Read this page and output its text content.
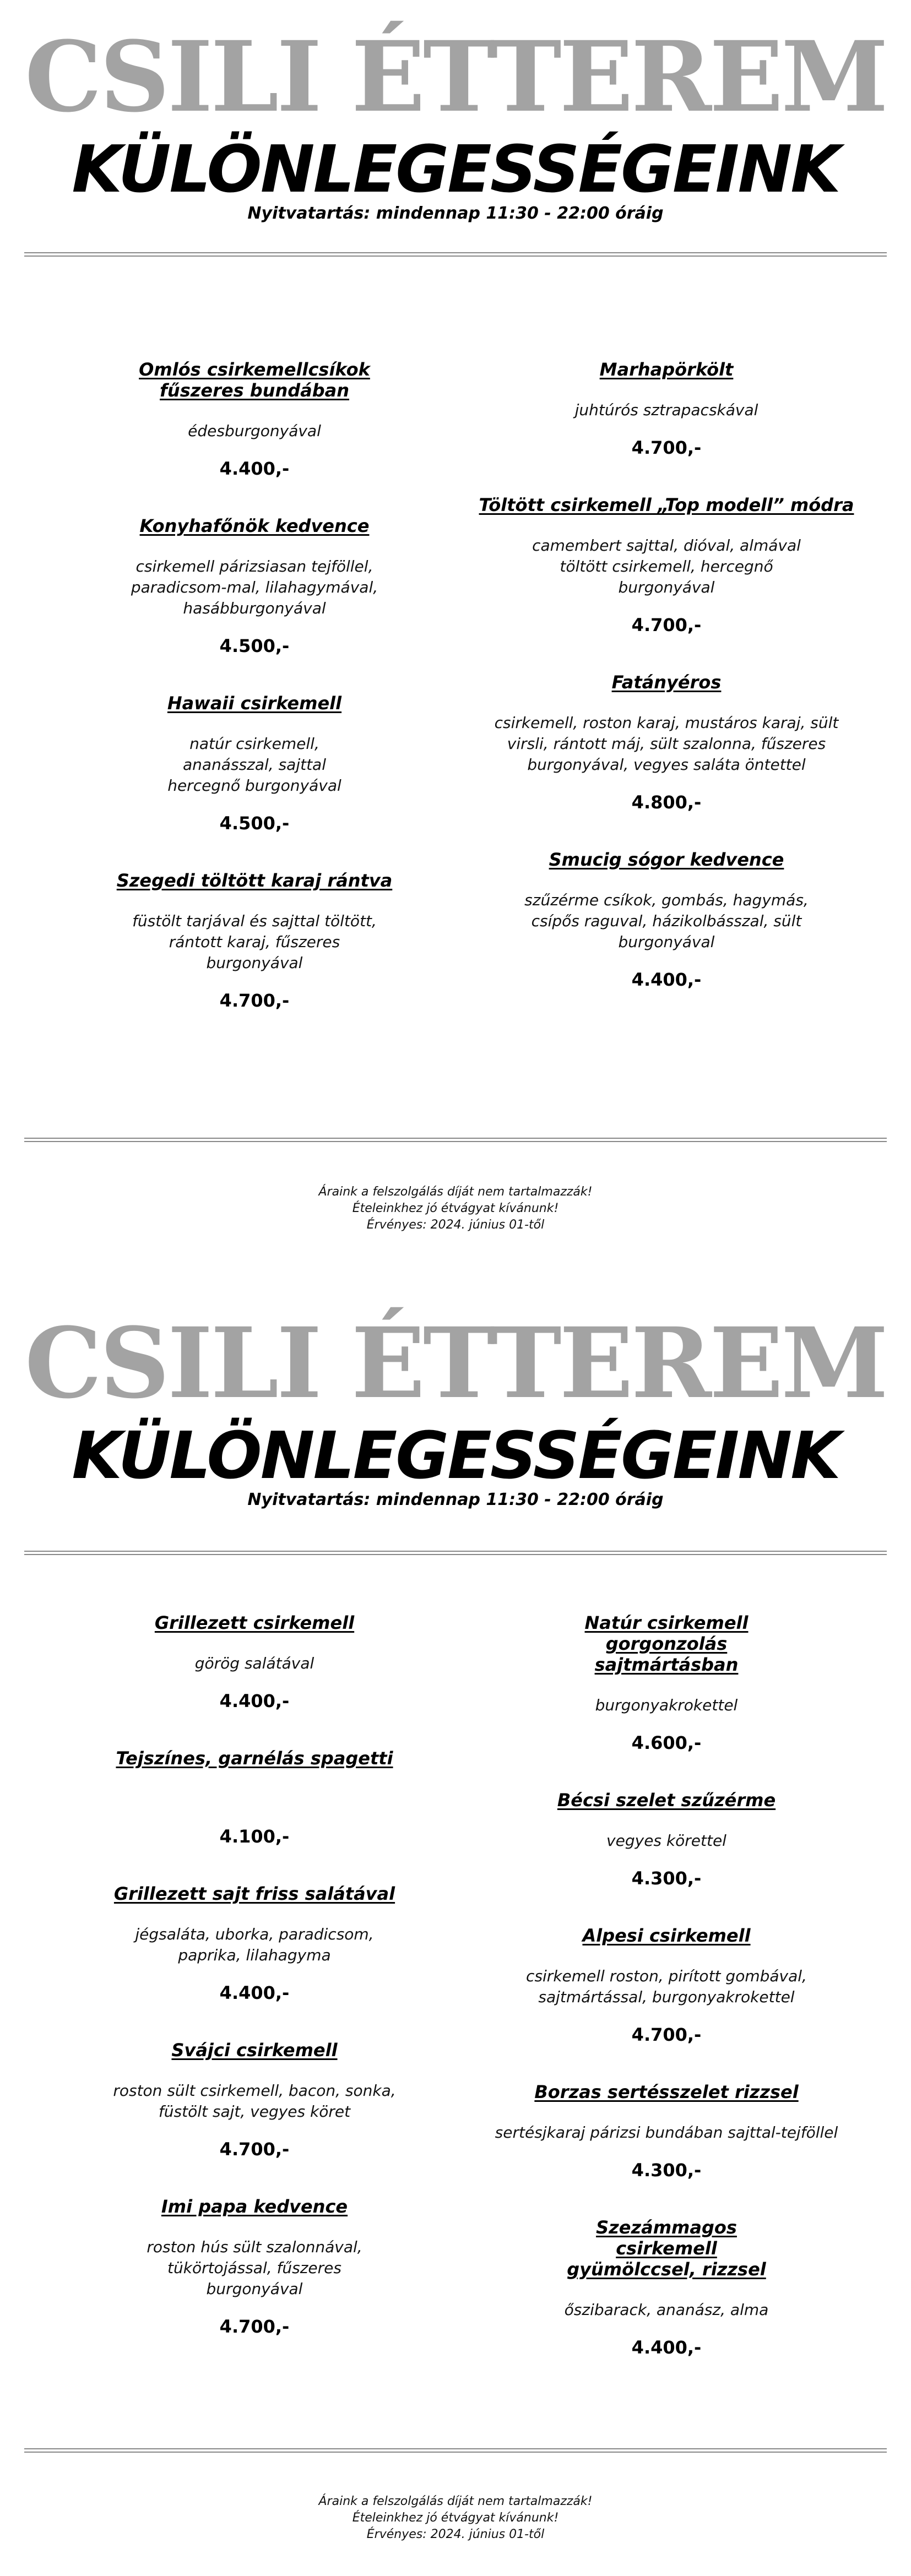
CSILI ÉTTEREM
KÜLÖNLEGESSÉGEINK

Nyitvatartás: mindennap 11:30 - 22:00 óráig

Omlós csirkemellcsíkok fűszeres bundában

édesburgonyával

4.400,-

Konyhafőnök kedvence

csirkemell párizsiasan tejföllel, paradicsom-mal, lilahagymával, hasábburgonyával

4.500,-

Hawaii csirkemell

natúr csirkemell, ananásszal, sajttal hercegnő burgonyával

4.500,-

Szegedi töltött karaj rántva

füstölt tarjával és sajttal töltött, rántott karaj, fűszeres burgonyával

4.700,-

Marhapörkölt

juhtúrós sztrapacskával

4.700,-

Töltött csirkemell „Top modell” módra

camembert sajttal, dióval, almával töltött csirkemell, hercegnő burgonyával

4.700,-

Fatányéros

csirkemell, roston karaj, mustáros karaj, sült virsli, rántott máj, sült szalonna, fűszeres burgonyával, vegyes saláta öntettel

4.800,-

Smucig sógor kedvence

szűzérme csíkok, gombás, hagymás, csípős raguval, házikolbásszal, sült burgonyával

4.400,-

Áraink a felszolgálás díját nem tartalmazzák!

Ételeinkhez jó étvágyat kívánunk!

Érvényes: 2024. június 01-től

CSILI ÉTTEREM
KÜLÖNLEGESSÉGEINK

Nyitvatartás: mindennap 11:30 - 22:00 óráig

Grillezett csirkemell

görög salátával

4.400,-

Tejszínes, garnélás spagetti

4.100,-

Grillezett sajt friss salátával

jégsaláta, uborka, paradicsom, paprika, lilahagyma

4.400,-

Svájci csirkemell

roston sült csirkemell, bacon, sonka, füstölt sajt, vegyes köret

4.700,-

Imi papa kedvence

roston hús sült szalonnával, tükörtojással, fűszeres burgonyával

4.700,-

Natúr csirkemell gorgonzolás sajtmártásban

burgonyakrokettel

4.600,-

Bécsi szelet szűzérme

vegyes körettel

4.300,-

Alpesi csirkemell

csirkemell roston, pirított gombával, sajtmártással, burgonyakrokettel

4.700,-

Borzas sertésszelet rizzsel

sertésjkaraj párizsi bundában sajttal-tejföllel

4.300,-

Szezámmagos csirkemell gyümölccsel, rizzsel

őszibarack, ananász, alma

4.400,-

Áraink a felszolgálás díját nem tartalmazzák!

Ételeinkhez jó étvágyat kívánunk!

Érvényes: 2024. június 01-től
